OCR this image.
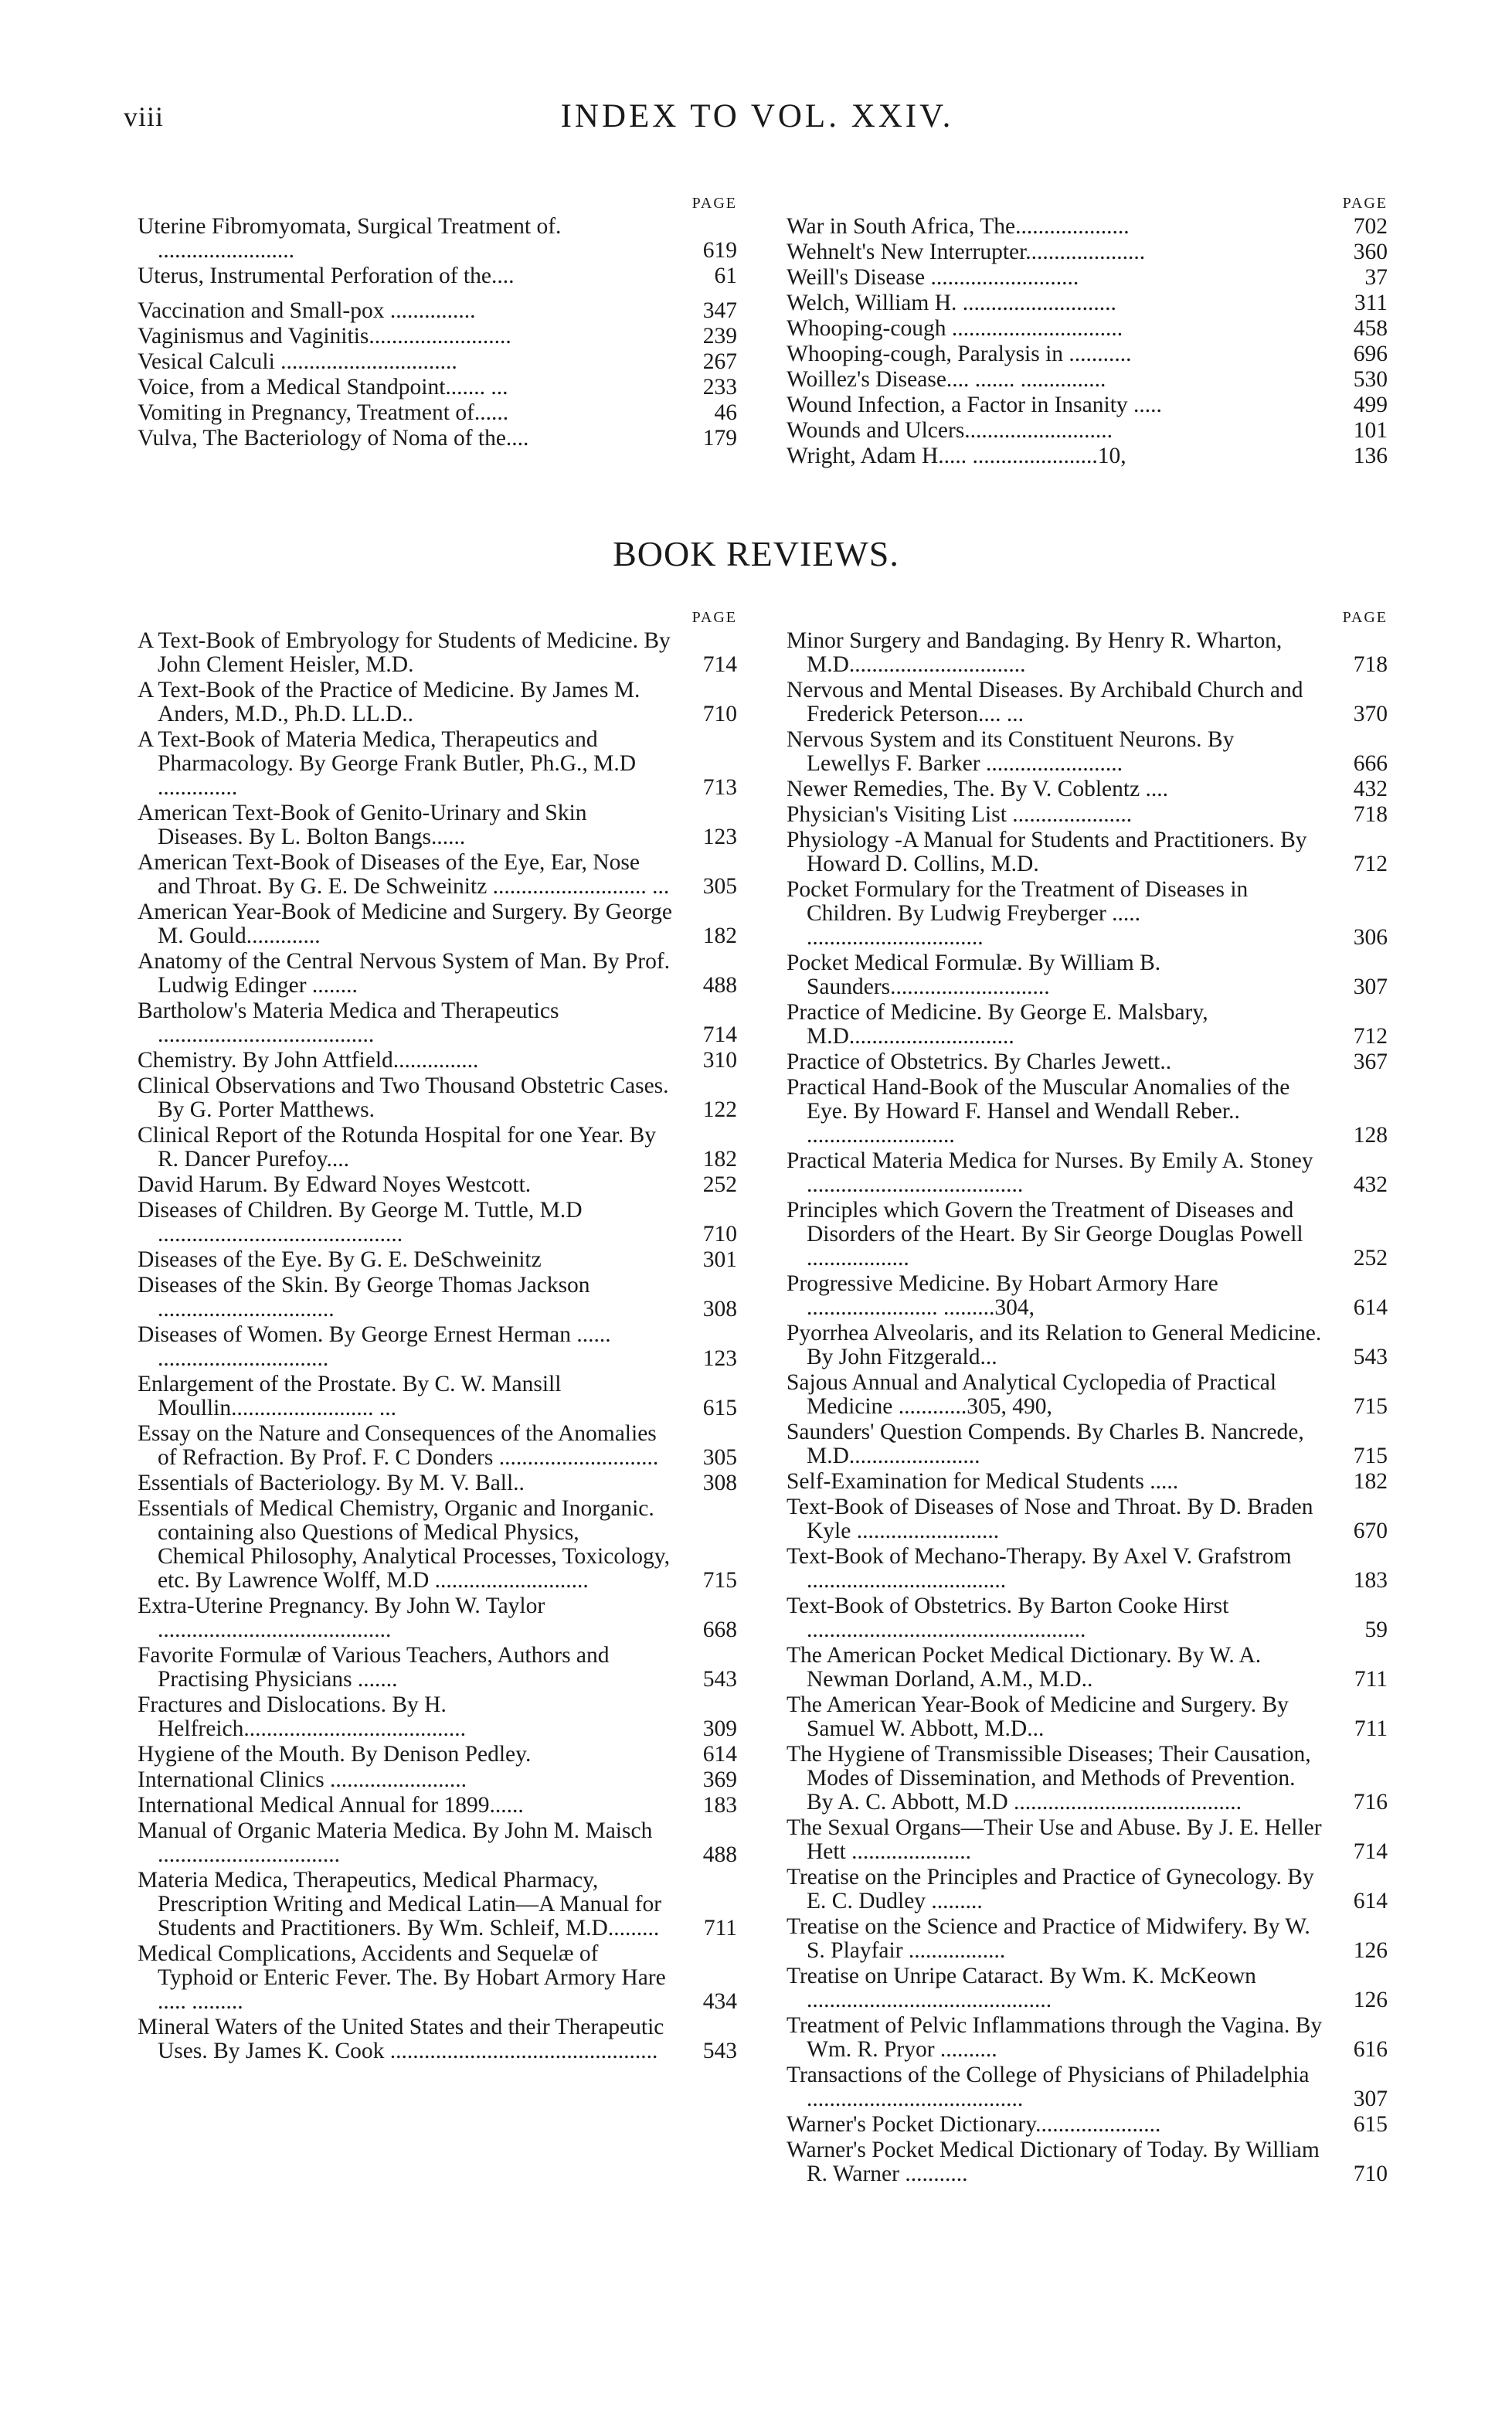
viii	INDEX TO VOL. XXIV.
PAGE
Uterine Fibromyomata, Surgical Treatment of. ........................	619
Uterus, Instrumental Perforation of the....	61
Vaccination and Small-pox ...............	347
Vaginismus and Vaginitis.........................	239
Vesical Calculi ...............................	267
Voice, from a Medical Standpoint....... ...	233
Vomiting in Pregnancy, Treatment of......	46
Vulva, The Bacteriology of Noma of the....	179
PAGE
War in South Africa, The....................	702
Wehnelt's New Interrupter.....................	360
Weill's Disease ..........................	37
Welch, William H. ...........................	311
Whooping-cough ..............................	458
Whooping-cough, Paralysis in ...........	696
Woillez's Disease.... ....... ...............	530
Wound Infection, a Factor in Insanity .....	499
Wounds and Ulcers..........................	101
Wright, Adam H..... ......................10,	136
BOOK REVIEWS.
PAGE
A Text-Book of Embryology for Students of Medicine. By John Clement Heisler, M.D.	714
A Text-Book of the Practice of Medicine. By James M. Anders, M.D., Ph.D. LL.D..	710
A Text-Book of Materia Medica, Therapeutics and Pharmacology. By George Frank Butler, Ph.G., M.D ..............	713
American Text-Book of Genito-Urinary and Skin Diseases. By L. Bolton Bangs......	123
American Text-Book of Diseases of the Eye, Ear, Nose and Throat. By G. E. De Schweinitz ........................... ... 305
American Year-Book of Medicine and Surgery. By George M. Gould.............	182
Anatomy of the Central Nervous System of Man. By Prof. Ludwig Edinger ........	488
Bartholow's Materia Medica and Therapeutics ......................................	714
Chemistry. By John Attfield...............	310
Clinical Observations and Two Thousand Obstetric Cases. By G. Porter Matthews.	122
Clinical Report of the Rotunda Hospital for one Year. By R. Dancer Purefoy....	182
David Harum. By Edward Noyes Westcott.	252
Diseases of Children. By George M. Tuttle, M.D ...........................................	710
Diseases of the Eye. By G. E. DeSchweinitz	301
Diseases of the Skin. By George Thomas Jackson ...............................	308
Diseases of Women. By George Ernest Herman ...... ..............................	123
Enlargement of the Prostate. By C. W. Mansill Moullin......................... ...	615
Essay on the Nature and Consequences of the Anomalies of Refraction. By Prof. F. C Donders ............................	305
Essentials of Bacteriology. By M. V. Ball..	308
Essentials of Medical Chemistry, Organic and Inorganic. containing also Questions of Medical Physics, Chemical Philosophy, Analytical Processes, Toxicology, etc. By Lawrence Wolff, M.D ...........................	715
Extra-Uterine Pregnancy. By John W. Taylor .........................................	668
Favorite Formulæ of Various Teachers, Authors and Practising Physicians .......	543
Fractures and Dislocations. By H. Helfreich.......................................	309
Hygiene of the Mouth. By Denison Pedley.	614
International Clinics ........................	369
International Medical Annual for 1899......	183
Manual of Organic Materia Medica. By John M. Maisch ................................	488
Materia Medica, Therapeutics, Medical Pharmacy, Prescription Writing and Medical Latin—A Manual for Students and Practitioners. By Wm. Schleif, M.D.........	711
Medical Complications, Accidents and Sequelæ of Typhoid or Enteric Fever. The. By Hobart Armory Hare ..... .........	434
Mineral Waters of the United States and their Therapeutic Uses. By James K. Cook ...............................................	543
PAGE
Minor Surgery and Bandaging. By Henry R. Wharton, M.D...............................	718
Nervous and Mental Diseases. By Archibald Church and Frederick Peterson.... ...	370
Nervous System and its Constituent Neurons. By Lewellys F. Barker ........................	666
Newer Remedies, The. By V. Coblentz ....	432
Physician's Visiting List .....................	718
Physiology -A Manual for Students and Practitioners. By Howard D. Collins, M.D.	712
Pocket Formulary for the Treatment of Diseases in Children. By Ludwig Freyberger ..... ...............................	306
Pocket Medical Formulæ. By William B. Saunders............................	307
Practice of Medicine. By George E. Malsbary, M.D.............................	712
Practice of Obstetrics. By Charles Jewett..	367
Practical Hand-Book of the Muscular Anomalies of the Eye. By Howard F. Hansel and Wendall Reber.. ..........................	128
Practical Materia Medica for Nurses. By Emily A. Stoney ......................................	432
Principles which Govern the Treatment of Diseases and Disorders of the Heart. By Sir George Douglas Powell ..................	252
Progressive Medicine. By Hobart Armory Hare ....................... .........304,	614
Pyorrhea Alveolaris, and its Relation to General Medicine. By John Fitzgerald...	543
Sajous Annual and Analytical Cyclopedia of Practical Medicine ............305, 490,	715
Saunders' Question Compends. By Charles B. Nancrede, M.D.......................	715
Self-Examination for Medical Students .....	182
Text-Book of Diseases of Nose and Throat. By D. Braden Kyle .........................	670
Text-Book of Mechano-Therapy. By Axel V. Grafstrom ...................................	183
Text-Book of Obstetrics. By Barton Cooke Hirst .................................................	59
The American Pocket Medical Dictionary. By W. A. Newman Dorland, A.M., M.D..	711
The American Year-Book of Medicine and Surgery. By Samuel W. Abbott, M.D...	711
The Hygiene of Transmissible Diseases; Their Causation, Modes of Dissemination, and Methods of Prevention. By A. C. Abbott, M.D ........................................	716
The Sexual Organs—Their Use and Abuse. By J. E. Heller Hett .....................	714
Treatise on the Principles and Practice of Gynecology. By E. C. Dudley .........	614
Treatise on the Science and Practice of Midwifery. By W. S. Playfair .................	126
Treatise on Unripe Cataract. By Wm. K. McKeown ...........................................	126
Treatment of Pelvic Inflammations through the Vagina. By Wm. R. Pryor ..........	616
Transactions of the College of Physicians of Philadelphia ......................................	307
Warner's Pocket Dictionary......................	615
Warner's Pocket Medical Dictionary of Today. By William R. Warner ...........	710
